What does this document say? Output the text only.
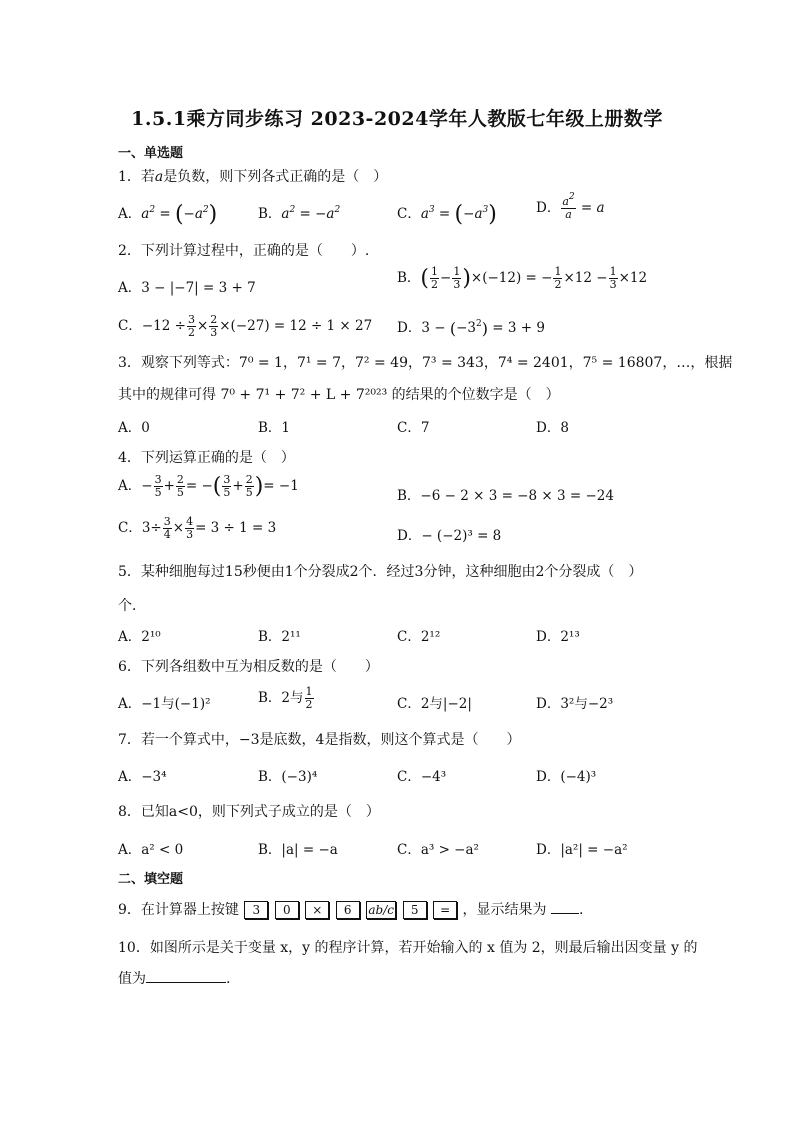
1.5.1乘方同步练习 2023-2024学年人教版七年级上册数学
一、单选题
1．若𝑎是负数，则下列各式正确的是（　）
A．$a^2 = (-a^2)$	B．$a^2 = -a^2$	C．$a^3 = (-a^3)$	D． $\frac{a^2}{a} = a$
2．下列计算过程中，正确的是（　　）.
A．3 − |−7| = 3 + 7
B．( $\frac{1}{2} - \frac{1}{3} )\times(-12)$ = − $\frac{1}{2} \times 12 - \frac{1}{3} \times 12$
C．$-12 \div \frac{3}{2} \times \frac{2}{3} \times(-27) = 12 \div 1 \times 27$ D．$3 - (-3^2) = 3 + 9$
3．观察下列等式：7⁰ = 1，7¹ = 7，7² = 49，7³ = 343，7⁴ = 2401，7⁵ = 16807，…，根据
其中的规律可得 7⁰ + 7¹ + 7² + L + 7²⁰²³ 的结果的个位数字是（　）
A．0	B．1	C．7	D．8
4．下列运算正确的是（　）
A．− $\frac{3}{5} + \frac{2}{5}$ = −( $\frac{3}{5} + \frac{2}{5}$ )= −1
B．−6 − 2 × 3 = −8 × 3 = −24
C．$3\div \frac{3}{4} \times \frac{4}{3} = 3 \div 1 = 3$	D．− (−2)³ = 8
5．某种细胞每过15秒便由1个分裂成2个．经过3分钟，这种细胞由2个分裂成（　）
个．
A．2¹⁰	B．2¹¹	C．2¹²	D．2¹³
6．下列各组数中互为相反数的是（　　）
A．−1与(−1)²	B．2与 $\frac{1}{2}$	C．2与|−2|	D．3²与−2³
7．若一个算式中，−3是底数，4是指数，则这个算式是（　　）
A．−3⁴	B．(−3)⁴	C．−4³	D．(−4)³
8．已知a<0，则下列式子成立的是（　）
A．a² < 0	B．|a| = −a	C．a³ > −a²	D．|a²| = −a²
二、填空题
9．在计算器上按键 3 0 × 6 ab/c 5 = ，显示结果为 .
10．如图所示是关于变量 x，y 的程序计算，若开始输入的 x 值为 2，则最后输出因变量 y 的
值为	.
